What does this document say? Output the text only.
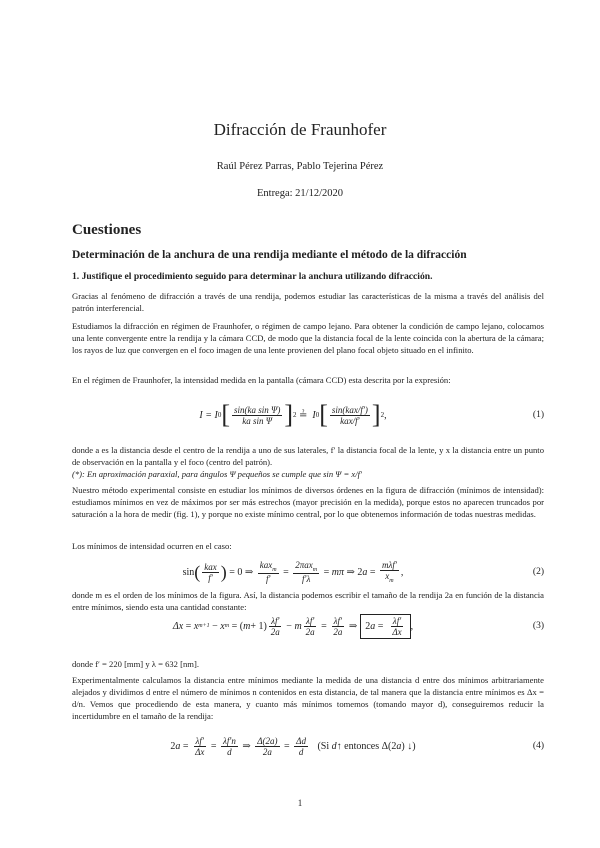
Difracción de Fraunhofer
Raúl Pérez Parras, Pablo Tejerina Pérez
Entrega: 21/12/2020
Cuestiones
Determinación de la anchura de una rendija mediante el método de la difracción
1. Justifique el procedimiento seguido para determinar la anchura utilizando difracción.
Gracias al fenómeno de difracción a través de una rendija, podemos estudiar las características de la misma a través del análisis del patrón interferencial.
Estudiamos la difracción en régimen de Fraunhofer, o régimen de campo lejano. Para obtener la condición de campo lejano, colocamos una lente convergente entre la rendija y la cámara CCD, de modo que la distancia focal de la lente coincida con la abertura de la cámara; los rayos de luz que convergen en el foco imagen de una lente provienen del plano focal objeto situado en el infinito.
En el régimen de Fraunhofer, la intensidad medida en la pantalla (cámara CCD) esta descrita por la expresión:
I = I 0 [ $\frac{\text{sin(ka sin Ψ)}}{\text{ka sin Ψ}}$ ] 2
≟ I 0 [ $\frac{\text{sin(kax/f′)}}{\text{kax/f′}}$ ] 2 ,	(1)
donde a es la distancia desde el centro de la rendija a uno de sus laterales, f′ la distancia focal de la lente, y x la distancia entre un punto de observación en la pantalla y el foco (centro del patrón).
(*): En aproximación paraxial, para ángulos Ψ pequeños se cumple que sin Ψ = x/f′
Nuestro método experimental consiste en estudiar los mínimos de diversos órdenes en la figura de difracción (mínimos de intensidad): estudiamos mínimos en vez de máximos por ser más estrechos (mayor precisión en la medida), porque estos no aparecen truncados por saturación a la hora de medir (fig. 1), y porque no existe mínimo central, por lo que obtenemos información de todas nuestras medidas.
Los mínimos de intensidad ocurren en el caso:
sin ( $\frac{\text{kax}}{f'}$ )
= 0 ⇒
$\frac{kax_m}{f'} = \frac{2\pi ax_m}{f'\lambda} = m\pi$ ⇒ 2 $a = \frac{\text{mλf′}}{x_m}$ ,	(2)
donde m es el orden de los mínimos de la figura. Así, la distancia podemos escribir el tamaño de la rendija 2a en función de la distancia entre mínimos, siendo esta una cantidad constante:
Δx = x m+1 − x m = ( $m + 1) \frac{\lambda f'}{2a} - m \frac{\lambda f'}{2a} = \frac{\lambda f'}{2a}$ ⇒ $2a = \frac{\lambda f'}{\Delta x}$ ,	(3)
donde f′ = 220 [mm] y λ = 632 [nm].
Experimentalmente calculamos la distancia entre mínimos mediante la medida de una distancia d entre dos mínimos arbitrariamente alejados y dividimos d entre el número de mínimos n contenidos en esta distancia, de tal manera que la distancia entre mínimos es Δx = d/n. Vemos que procediendo de esta manera, y cuanto más mínimos tomemos (tomando mayor d), conseguiremos reducir la incertidumbre en el tamaño de la rendija:
2 $a = \frac{\lambda f'}{\Delta x} = \frac{\lambda f'n}{d}$ ⇒ $\frac{\Delta(2a)}{2a} = \frac{\Delta d}{d} (Si$ d ↑ entonces Δ(2 a ) ↓)	(4)
1
